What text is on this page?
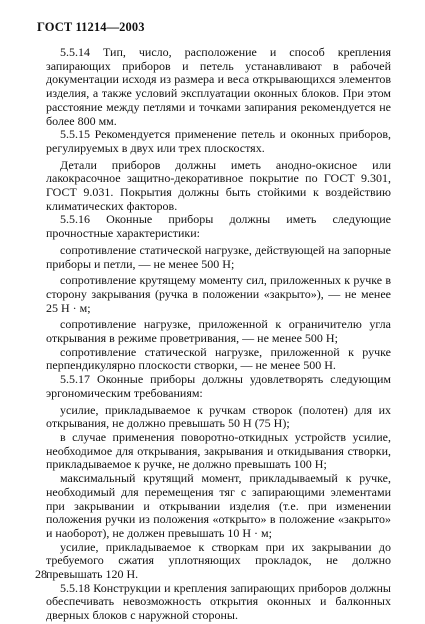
ГОСТ 11214—2003

5.5.14 Тип, число, расположение и способ крепления запирающих приборов и петель устанавливают в рабочей документации исходя из размера и веса открывающихся элементов изделия, а также условий эксплуатации оконных блоков. При этом расстояние между петлями и точками запирания рекомендуется не более 800 мм.

5.5.15 Рекомендуется применение петель и оконных приборов, регулируемых в двух или трех плоскостях.

Детали приборов должны иметь анодно-окисное или лакокрасочное защитно-декоративное покрытие по ГОСТ 9.301, ГОСТ 9.031. Покрытия должны быть стойкими к воздействию климатических факторов.

5.5.16 Оконные приборы должны иметь следующие прочностные характеристики:

сопротивление статической нагрузке, действующей на запорные приборы и петли, — не менее 500 Н;

сопротивление крутящему моменту сил, приложенных к ручке в сторону закрывания (ручка в положении «закрыто»), — не менее 25 Н · м;

сопротивление нагрузке, приложенной к ограничителю угла открывания в режиме проветривания, — не менее 500 Н;

сопротивление статической нагрузке, приложенной к ручке перпендикулярно плоскости створки, — не менее 500 Н.

5.5.17 Оконные приборы должны удовлетворять следующим эргономическим требованиям:

усилие, прикладываемое к ручкам створок (полотен) для их открывания, не должно превышать 50 Н (75 Н);

в случае применения поворотно-откидных устройств усилие, необходимое для открывания, закрывания и откидывания створки, прикладываемое к ручке, не должно превышать 100 Н;

максимальный крутящий момент, прикладываемый к ручке, необходимый для перемещения тяг с запирающими элементами при закрывании и открывании изделия (т.е. при изменении положения ручки из положения «открыто» в положение «закрыто» и наоборот), не должен превышать 10 Н · м;

усилие, прикладываемое к створкам при их закрывании до требуемого сжатия уплотняющих прокладок, не должно превышать 120 Н.

5.5.18 Конструкции и крепления запирающих приборов должны обеспечивать невозможность открытия оконных и балконных дверных блоков с наружной стороны.

28
